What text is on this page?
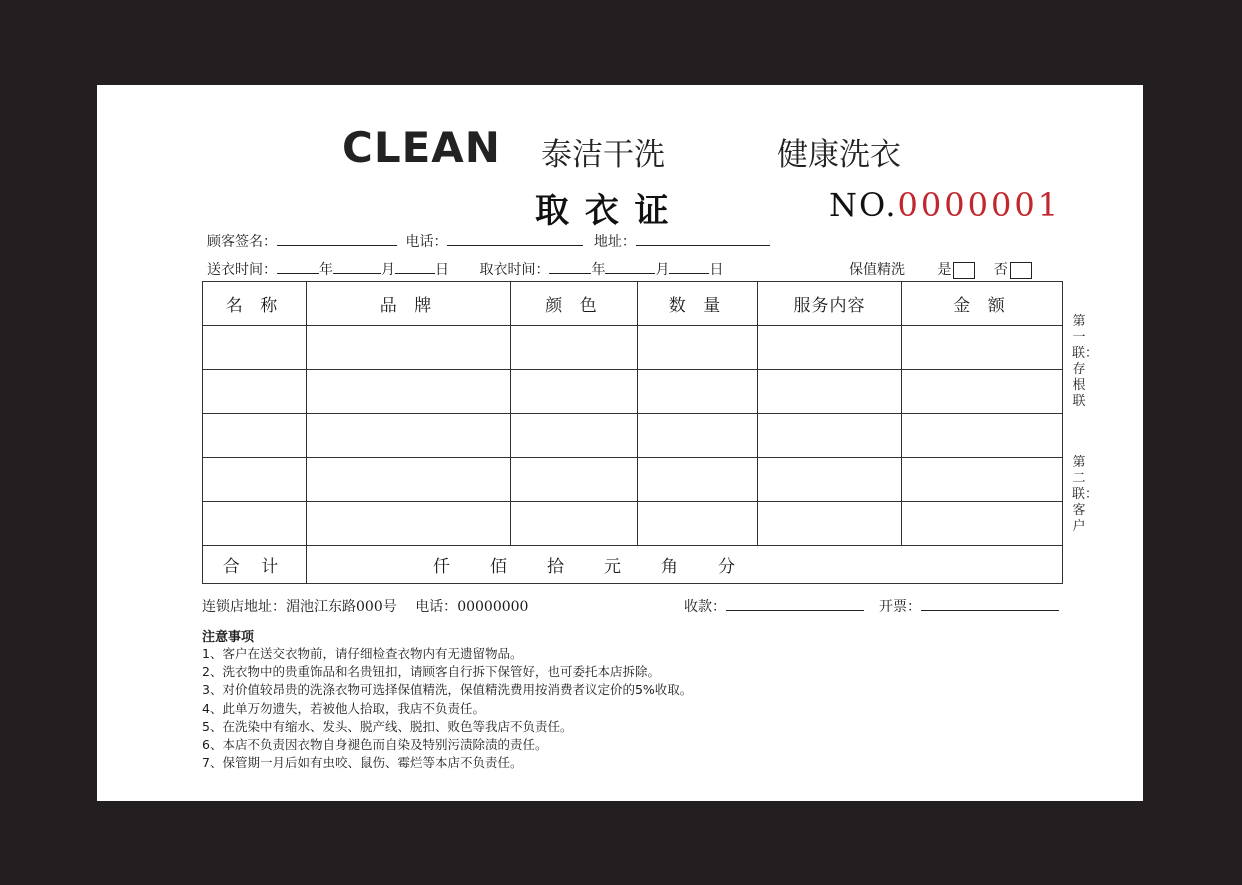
CLEAN 泰洁干洗	健康洗衣
取 衣 证	NO.0000001
顾客签名：	电话：	地址：
送衣时间：	年	月	日 取衣时间：	年	月	日	保值精洗 是	否
名 称	品 牌	颜 色	数 量	服务内容	金 额

合 计	仟 佰 拾 元 角 分				
第一联：存根联
第二联：客户
连锁店地址：湄池江东路000号 电话：00000000	收款：	开票：
注意事项
1、客户在送交衣物前，请仔细检查衣物内有无遗留物品。
2、洗衣物中的贵重饰品和名贵钮扣，请顾客自行拆下保管好，也可委托本店拆除。
3、对价值较昂贵的洗涤衣物可选择保值精洗，保值精洗费用按消费者议定价的5%收取。
4、此单万勿遗失，若被他人拾取，我店不负责任。
5、在洗染中有缩水、发头、脱产线、脱扣、败色等我店不负责任。
6、本店不负责因衣物自身褪色而自染及特别污渍除渍的责任。
7、保管期一月后如有虫咬、鼠伤、霉烂等本店不负责任。
